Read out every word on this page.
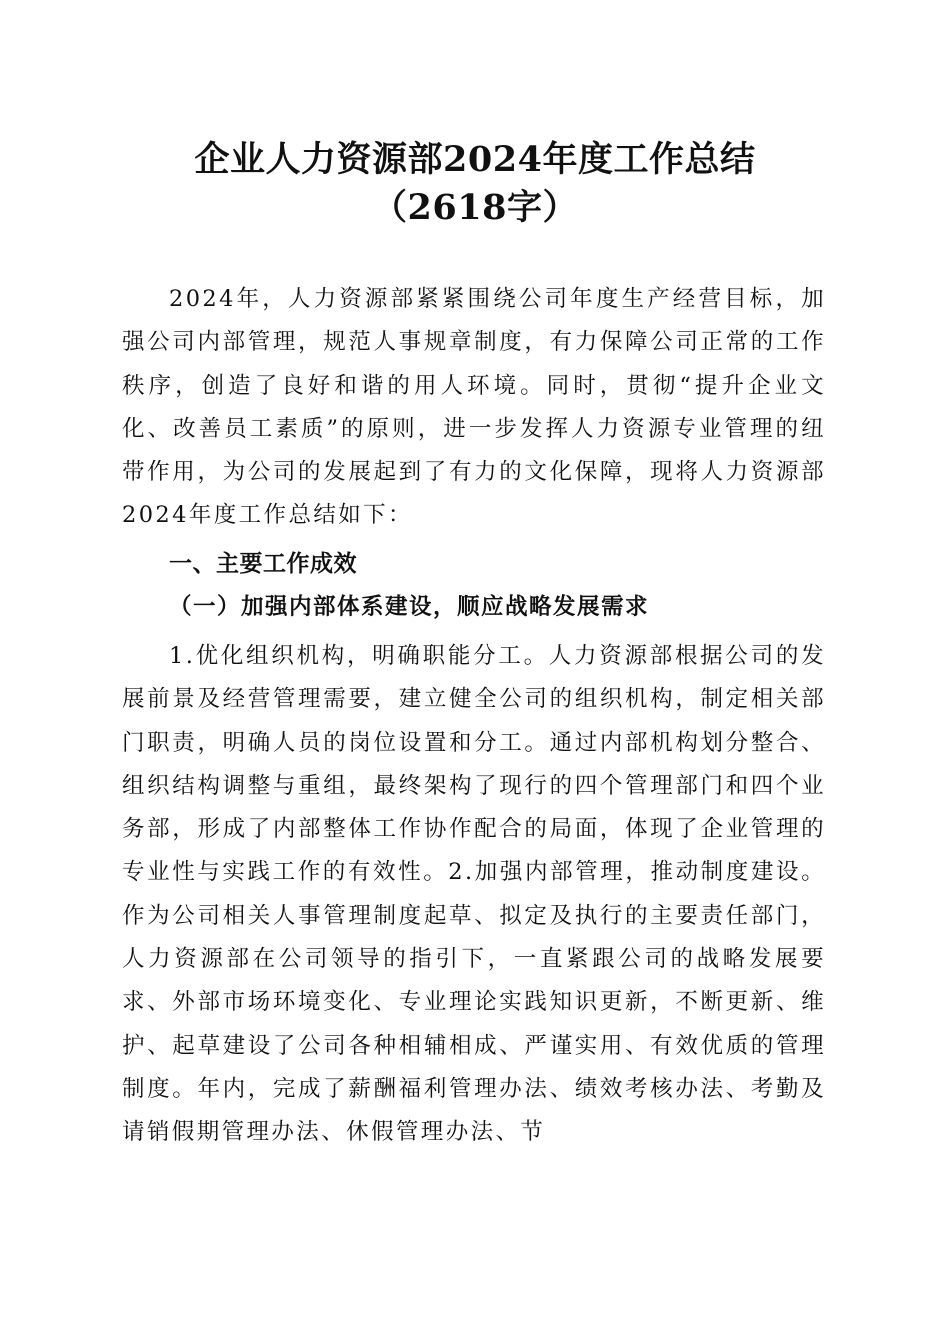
企业人力资源部2024年度工作总结（2618字）

2024年，人力资源部紧紧围绕公司年度生产经营目标，加强公司内部管理，规范人事规章制度，有力保障公司正常的工作秩序，创造了良好和谐的用人环境。同时，贯彻“提升企业文化、改善员工素质”的原则，进一步发挥人力资源专业管理的纽带作用，为公司的发展起到了有力的文化保障，现将人力资源部2024年度工作总结如下：

一、主要工作成效
（一）加强内部体系建设，顺应战略发展需求

1.优化组织机构，明确职能分工。人力资源部根据公司的发展前景及经营管理需要，建立健全公司的组织机构，制定相关部门职责，明确人员的岗位设置和分工。通过内部机构划分整合、组织结构调整与重组，最终架构了现行的四个管理部门和四个业务部，形成了内部整体工作协作配合的局面，体现了企业管理的专业性与实践工作的有效性。2.加强内部管理，推动制度建设。作为公司相关人事管理制度起草、拟定及执行的主要责任部门，人力资源部在公司领导的指引下，一直紧跟公司的战略发展要求、外部市场环境变化、专业理论实践知识更新，不断更新、维护、起草建设了公司各种相辅相成、严谨实用、有效优质的管理制度。年内，完成了薪酬福利管理办法、绩效考核办法、考勤及请销假期管理办法、休假管理办法、节
